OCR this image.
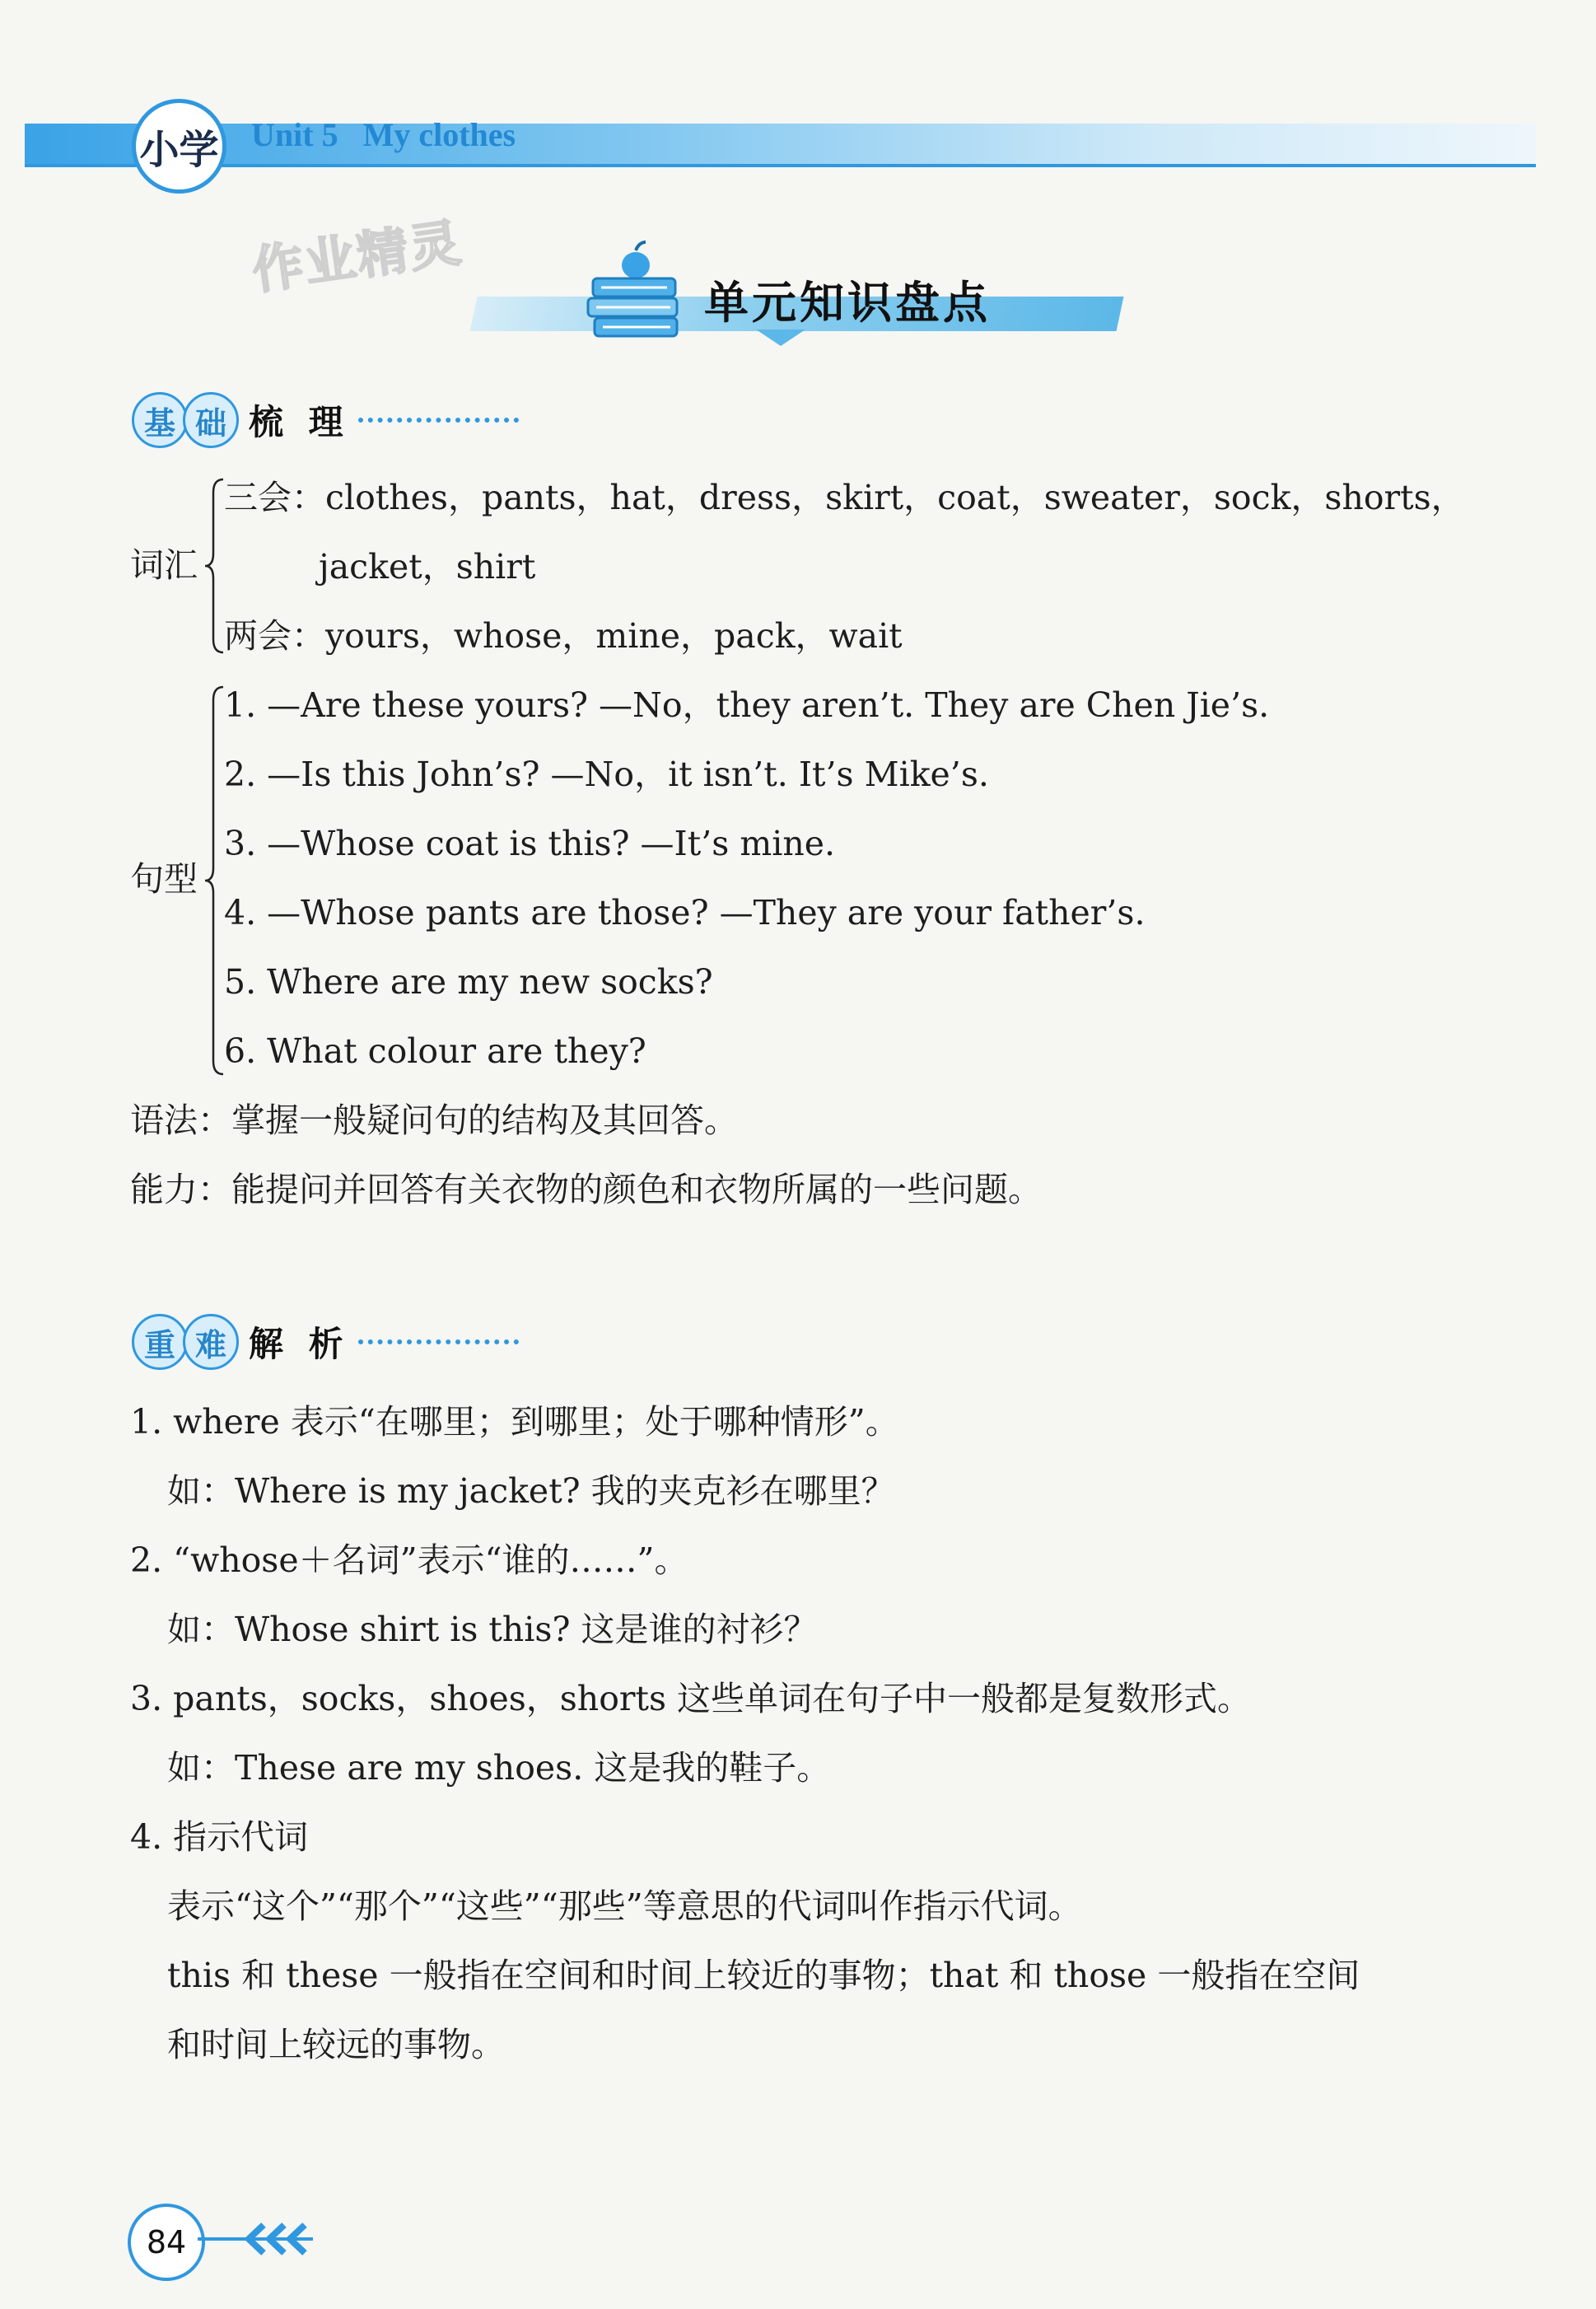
小学 Unit 5 My clothes
作业精灵
单元知识盘点
基 础 梳 理
词汇
三会：clothes，pants，hat，dress，skirt，coat，sweater，sock，shorts，
jacket，shirt
两会：yours，whose，mine，pack，wait
句型
1. —Are these yours? —No，they aren’t. They are Chen Jie’s.
2. —Is this John’s? —No，it isn’t. It’s Mike’s.
3. —Whose coat is this? —It’s mine.
4. —Whose pants are those? —They are your father’s.
5. Where are my new socks?
6. What colour are they?
语法：掌握一般疑问句的结构及其回答。
能力：能提问并回答有关衣物的颜色和衣物所属的一些问题。
重 难 解 析
1. where 表示“在哪里；到哪里；处于哪种情形”。
如：Where is my jacket? 我的夹克衫在哪里？
2. “whose＋名词”表示“谁的……”。
如：Whose shirt is this? 这是谁的衬衫？
3. pants，socks，shoes，shorts 这些单词在句子中一般都是复数形式。
如：These are my shoes. 这是我的鞋子。
4. 指示代词
表示“这个”“那个”“这些”“那些”等意思的代词叫作指示代词。
this 和 these 一般指在空间和时间上较近的事物；that 和 those 一般指在空间
和时间上较远的事物。
84
